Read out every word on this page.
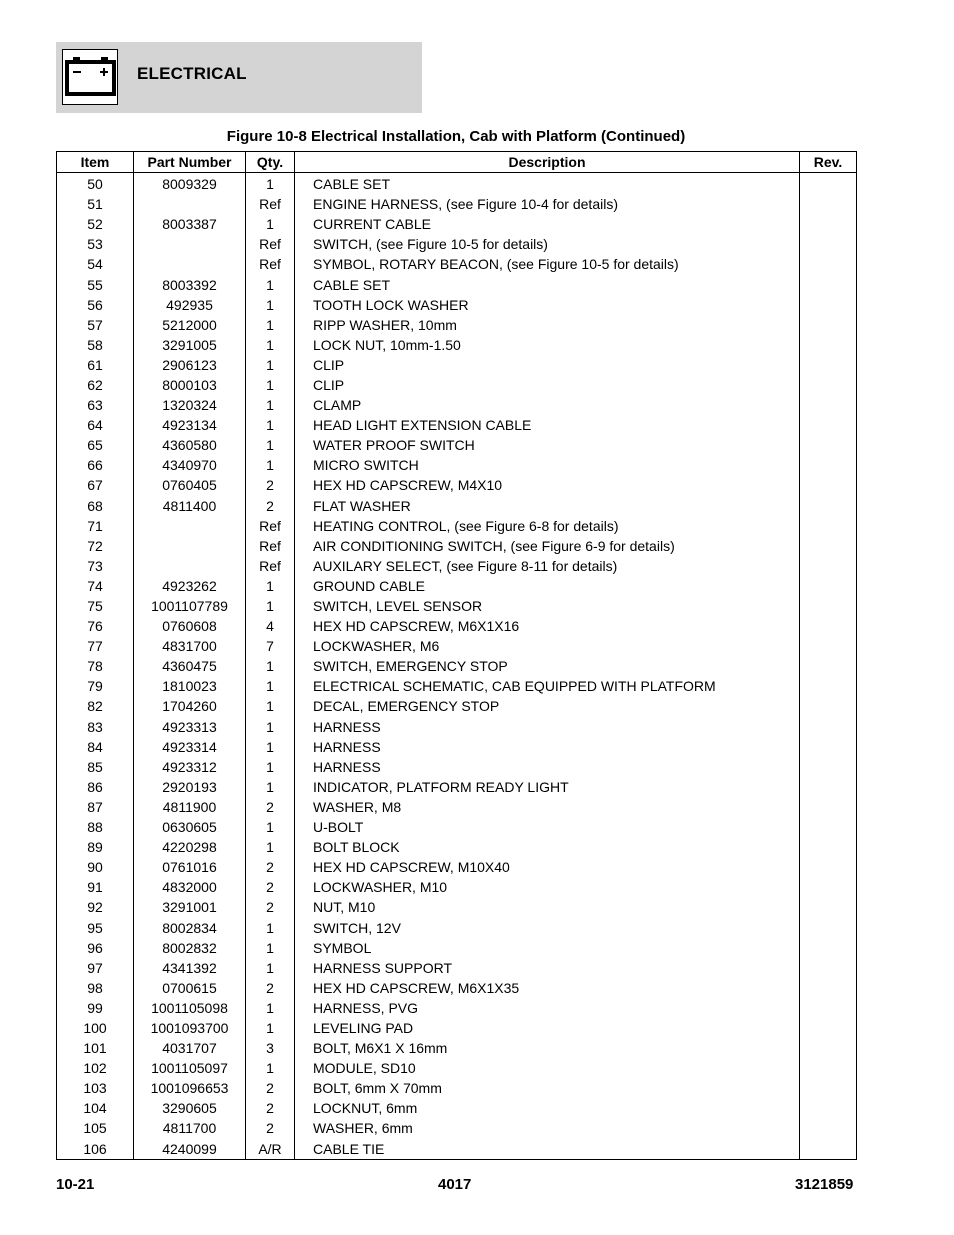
ELECTRICAL
Figure 10-8 Electrical Installation, Cab with Platform (Continued)
Item	Part Number	Qty.	Description	Rev.
50	8009329	1	CABLE SET	
51		Ref	ENGINE HARNESS, (see Figure 10-4 for details)	
52	8003387	1	CURRENT CABLE	
53		Ref	SWITCH, (see Figure 10-5 for details)	
54		Ref	SYMBOL, ROTARY BEACON, (see Figure 10-5 for details)	
55	8003392	1	CABLE SET	
56	492935	1	TOOTH LOCK WASHER	
57	5212000	1	RIPP WASHER, 10mm	
58	3291005	1	LOCK NUT, 10mm-1.50	
61	2906123	1	CLIP	
62	8000103	1	CLIP	
63	1320324	1	CLAMP	
64	4923134	1	HEAD LIGHT EXTENSION CABLE	
65	4360580	1	WATER PROOF SWITCH	
66	4340970	1	MICRO SWITCH	
67	0760405	2	HEX HD CAPSCREW, M4X10	
68	4811400	2	FLAT WASHER	
71		Ref	HEATING CONTROL, (see Figure 6-8 for details)	
72		Ref	AIR CONDITIONING SWITCH, (see Figure 6-9 for details)	
73		Ref	AUXILARY SELECT, (see Figure 8-11 for details)	
74	4923262	1	GROUND CABLE	
75	1001107789	1	SWITCH, LEVEL SENSOR	
76	0760608	4	HEX HD CAPSCREW, M6X1X16	
77	4831700	7	LOCKWASHER, M6	
78	4360475	1	SWITCH, EMERGENCY STOP	
79	1810023	1	ELECTRICAL SCHEMATIC, CAB EQUIPPED WITH PLATFORM	
82	1704260	1	DECAL, EMERGENCY STOP	
83	4923313	1	HARNESS	
84	4923314	1	HARNESS	
85	4923312	1	HARNESS	
86	2920193	1	INDICATOR, PLATFORM READY LIGHT	
87	4811900	2	WASHER, M8	
88	0630605	1	U-BOLT	
89	4220298	1	BOLT BLOCK	
90	0761016	2	HEX HD CAPSCREW, M10X40	
91	4832000	2	LOCKWASHER, M10	
92	3291001	2	NUT, M10	
95	8002834	1	SWITCH, 12V	
96	8002832	1	SYMBOL	
97	4341392	1	HARNESS SUPPORT	
98	0700615	2	HEX HD CAPSCREW, M6X1X35	
99	1001105098	1	HARNESS, PVG	
100	1001093700	1	LEVELING PAD	
101	4031707	3	BOLT, M6X1 X 16mm	
102	1001105097	1	MODULE, SD10	
103	1001096653	2	BOLT, 6mm X 70mm	
104	3290605	2	LOCKNUT, 6mm	
105	4811700	2	WASHER, 6mm	
106	4240099	A/R	CABLE TIE	
10-21	4017	3121859
